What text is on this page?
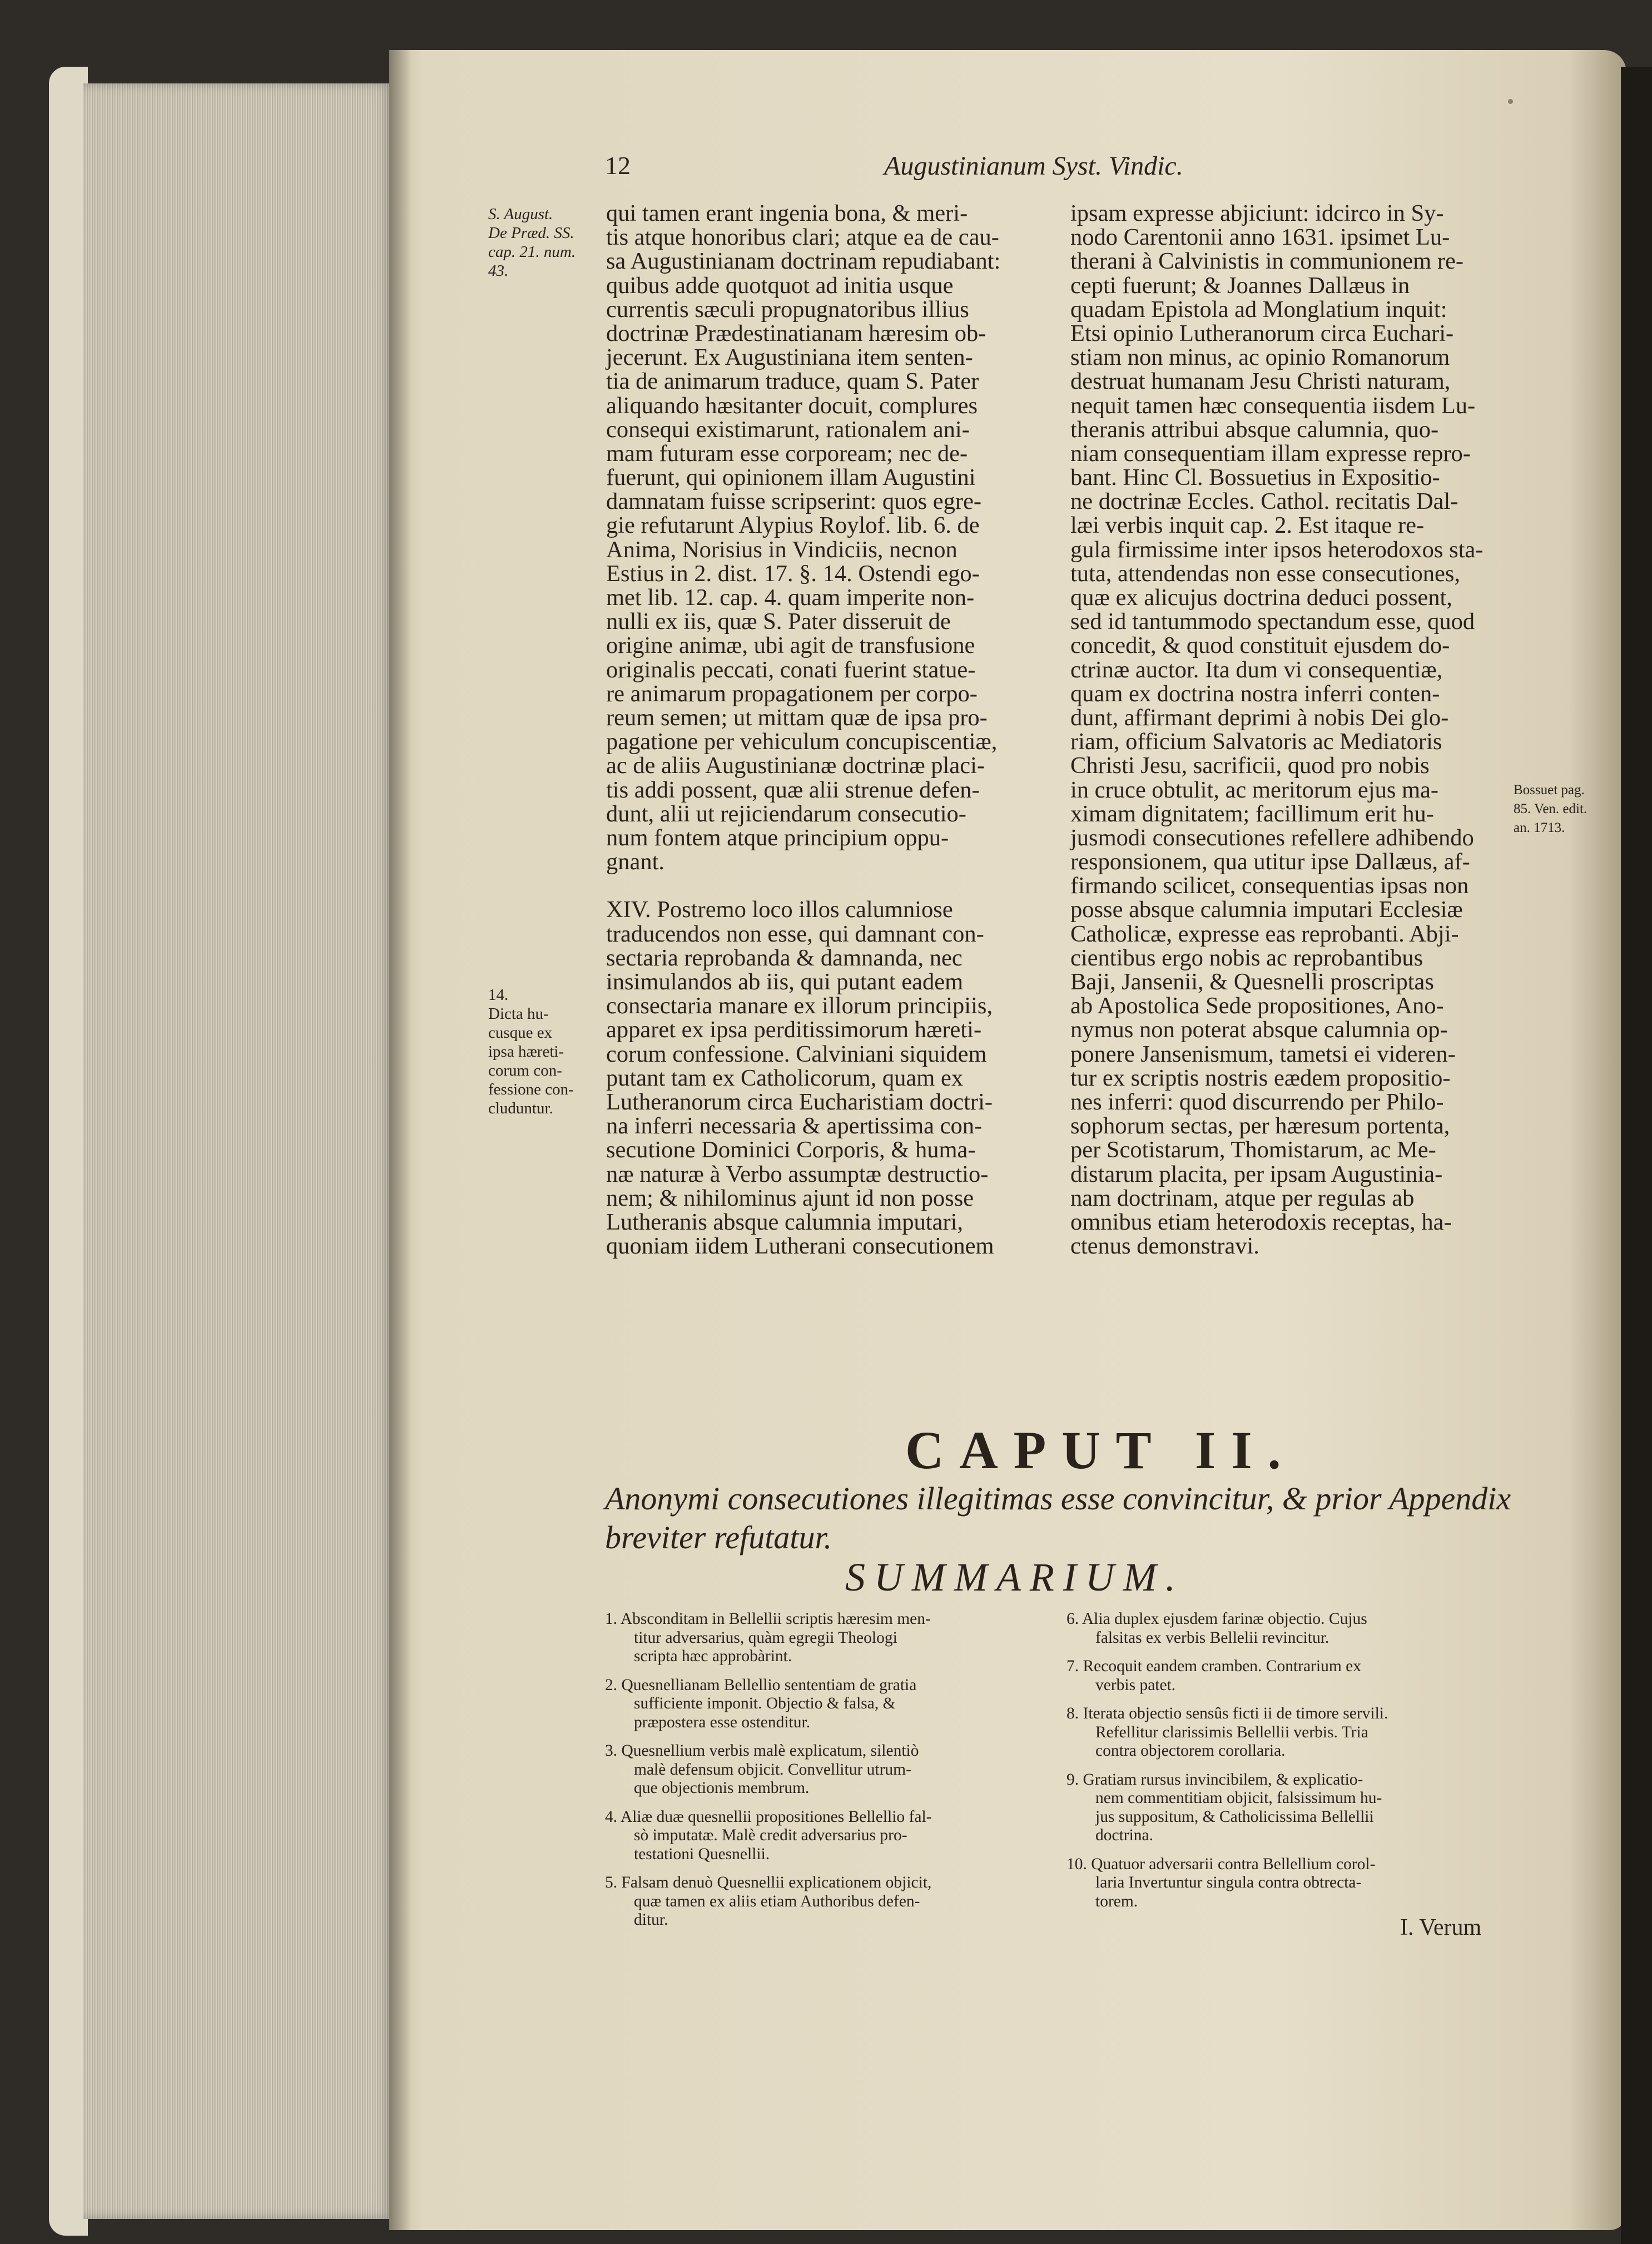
12	Augustinianum Syst. Vindic.
S. August.
De Præd. SS.
cap. 21. num.
43.
14.
Dicta hu-
cusque ex
ipsa hæreti-
corum con-
fessione con-
cluduntur.
Bossuet pag.
85. Ven. edit.
an. 1713.
qui tamen erant ingenia bona, & meri-
tis atque honoribus clari; atque ea de cau-
sa Augustinianam doctrinam repudiabant:
quibus adde quotquot ad initia usque
currentis sæculi propugnatoribus illius
doctrinæ Prædestinatianam hæresim ob-
jecerunt. Ex Augustiniana item senten-
tia de animarum traduce, quam S. Pater
aliquando hæsitanter docuit, complures
consequi existimarunt, rationalem ani-
mam futuram esse corpoream; nec de-
fuerunt, qui opinionem illam Augustini
damnatam fuisse scripserint: quos egre-
gie refutarunt Alypius Roylof. lib. 6. de
Anima, Norisius in Vindiciis, necnon
Estius in 2. dist. 17. §. 14. Ostendi ego-
met lib. 12. cap. 4. quam imperite non-
nulli ex iis, quæ S. Pater disseruit de
origine animæ, ubi agit de transfusione
originalis peccati, conati fuerint statue-
re animarum propagationem per corpo-
reum semen; ut mittam quæ de ipsa pro-
pagatione per vehiculum concupiscentiæ,
ac de aliis Augustinianæ doctrinæ placi-
tis addi possent, quæ alii strenue defen-
dunt, alii ut rejiciendarum consecutio-
num fontem atque principium oppu-
gnant.
XIV. Postremo loco illos calumniose
traducendos non esse, qui damnant con-
sectaria reprobanda & damnanda, nec
insimulandos ab iis, qui putant eadem
consectaria manare ex illorum principiis,
apparet ex ipsa perditissimorum hæreti-
corum confessione. Calviniani siquidem
putant tam ex Catholicorum, quam ex
Lutheranorum circa Eucharistiam doctri-
na inferri necessaria & apertissima con-
secutione Dominici Corporis, & huma-
næ naturæ à Verbo assumptæ destructio-
nem; & nihilominus ajunt id non posse
Lutheranis absque calumnia imputari,
quoniam iidem Lutherani consecutionem
ipsam expresse abjiciunt: idcirco in Sy-
nodo Carentonii anno 1631. ipsimet Lu-
therani à Calvinistis in communionem re-
cepti fuerunt; & Joannes Dallæus in
quadam Epistola ad Monglatium inquit:
Etsi opinio Lutheranorum circa Euchari-
stiam non minus, ac opinio Romanorum
destruat humanam Jesu Christi naturam,
nequit tamen hæc consequentia iisdem Lu-
theranis attribui absque calumnia, quo-
niam consequentiam illam expresse repro-
bant. Hinc Cl. Bossuetius in Expositio-
ne doctrinæ Eccles. Cathol. recitatis Dal-
læi verbis inquit cap. 2. Est itaque re-
gula firmissime inter ipsos heterodoxos sta-
tuta, attendendas non esse consecutiones,
quæ ex alicujus doctrina deduci possent,
sed id tantummodo spectandum esse, quod
concedit, & quod constituit ejusdem do-
ctrinæ auctor. Ita dum vi consequentiæ,
quam ex doctrina nostra inferri conten-
dunt, affirmant deprimi à nobis Dei glo-
riam, officium Salvatoris ac Mediatoris
Christi Jesu, sacrificii, quod pro nobis
in cruce obtulit, ac meritorum ejus ma-
ximam dignitatem; facillimum erit hu-
jusmodi consecutiones refellere adhibendo
responsionem, qua utitur ipse Dallæus, af-
firmando scilicet, consequentias ipsas non
posse absque calumnia imputari Ecclesiæ
Catholicæ, expresse eas reprobanti. Abji-
cientibus ergo nobis ac reprobantibus
Baji, Jansenii, & Quesnelli proscriptas
ab Apostolica Sede propositiones, Ano-
nymus non poterat absque calumnia op-
ponere Jansenismum, tametsi ei videren-
tur ex scriptis nostris eædem propositio-
nes inferri: quod discurrendo per Philo-
sophorum sectas, per hæresum portenta,
per Scotistarum, Thomistarum, ac Me-
distarum placita, per ipsam Augustinia-
nam doctrinam, atque per regulas ab
omnibus etiam heterodoxis receptas, ha-
ctenus demonstravi.
CAPUT II.
Anonymi consecutiones illegitimas esse convincitur, & prior Appendix breviter refutatur.
SUMMARIUM.
1. Absconditam in Bellellii scriptis hæresim men-
titur adversarius, quàm egregii Theologi
scripta hæc approbàrint.
2. Quesnellianam Bellellio sententiam de gratia
sufficiente imponit. Objectio & falsa, &
præpostera esse ostenditur.
3. Quesnellium verbis malè explicatum, silentiò
malè defensum objicit. Convellitur utrum-
que objectionis membrum.
4. Aliæ duæ quesnellii propositiones Bellellio fal-
sò imputatæ. Malè credit adversarius pro-
testationi Quesnellii.
5. Falsam denuò Quesnellii explicationem objicit,
quæ tamen ex aliis etiam Authoribus defen-
ditur.
6. Alia duplex ejusdem farinæ objectio. Cujus
falsitas ex verbis Bellelii revincitur.
7. Recoquit eandem cramben. Contrarium ex
verbis patet.
8. Iterata objectio sensûs ficti ii de timore servili.
Refellitur clarissimis Bellellii verbis. Tria
contra objectorem corollaria.
9. Gratiam rursus invincibilem, & explicatio-
nem commentitiam objicit, falsissimum hu-
jus suppositum, & Catholicissima Bellellii
doctrina.
10. Quatuor adversarii contra Bellellium corol-
laria Invertuntur singula contra obtrecta-
torem.
I. Verum
